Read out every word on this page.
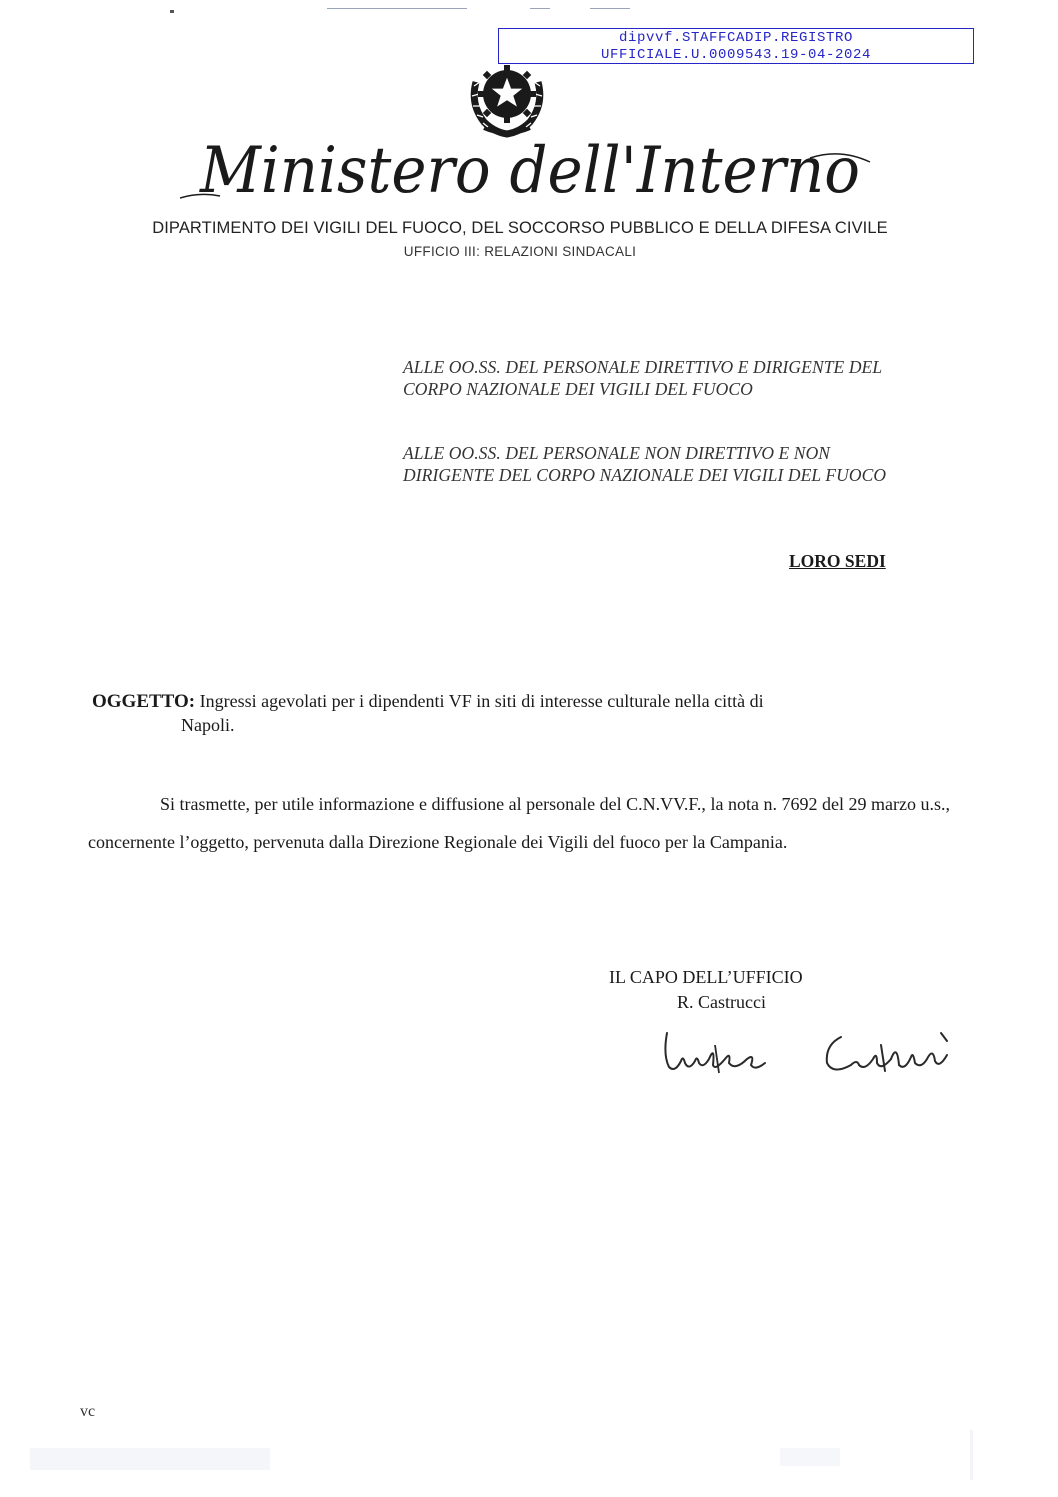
dipvvf.STAFFCADIP.REGISTRO
UFFICIALE.U.0009543.19-04-2024
Ministero dell'Interno
DIPARTIMENTO DEI VIGILI DEL FUOCO, DEL SOCCORSO PUBBLICO E DELLA DIFESA CIVILE
UFFICIO III: RELAZIONI SINDACALI
ALLE OO.SS. DEL PERSONALE DIRETTIVO E DIRIGENTE DEL
CORPO NAZIONALE DEI VIGILI DEL FUOCO
ALLE OO.SS. DEL PERSONALE NON DIRETTIVO E NON
DIRIGENTE DEL CORPO NAZIONALE DEI VIGILI DEL FUOCO
LORO SEDI
OGGETTO: Ingressi agevolati per i dipendenti VF in siti di interesse culturale nella città di
Napoli.
Si trasmette, per utile informazione e diffusione al personale del C.N.VV.F., la nota n. 7692 del 29 marzo u.s., concernente l’oggetto, pervenuta dalla Direzione Regionale dei Vigili del fuoco per la Campania.
IL CAPO DELL’UFFICIO
R. Castrucci
vc
